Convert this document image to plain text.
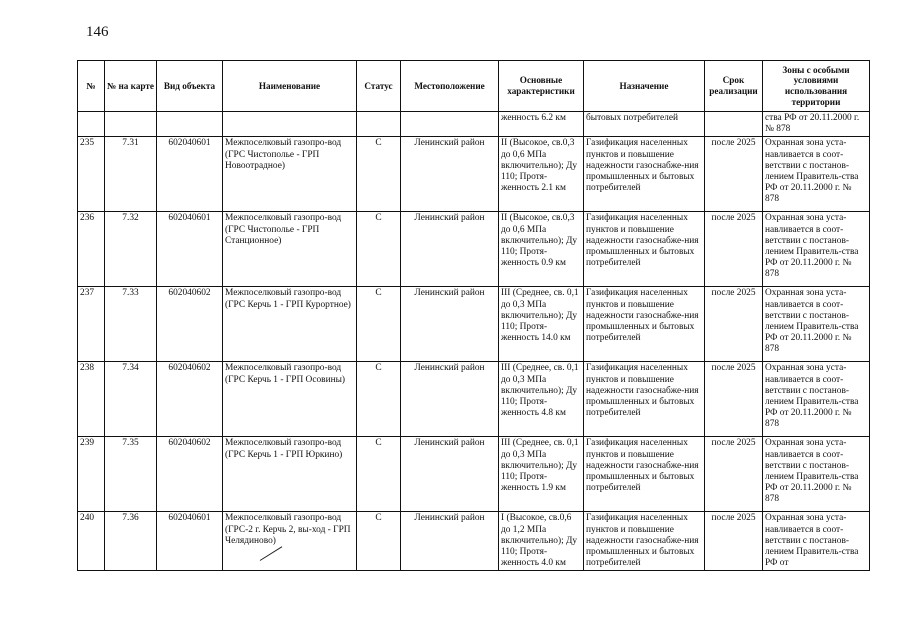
146
№	№ на карте	Вид объекта	Наименование	Статус	Местоположение	Основные характеристики	Назначение	Срок реализации	Зоны с особыми условиями использования территории
						женность 6.2 км	бытовых потребителей		ства РФ от 20.11.2000 г. № 878
235	7.31	602040601	Межпоселковый газопро-вод (ГРС Чистополье - ГРП Новоотрадное)	С	Ленинский район	II (Высокое, св.0,3 до 0,6 МПа включительно); Ду 110; Протя-женность 2.1 км	Газификация населенных пунктов и повышение надежности газоснабже-ния промышленных и бытовых потребителей	после 2025	Охранная зона уста-навливается в соот-ветствии с постанов-лением Правитель-ства РФ от 20.11.2000 г. № 878
236	7.32	602040601	Межпоселковый газопро-вод (ГРС Чистополье - ГРП Станционное)	С	Ленинский район	II (Высокое, св.0,3 до 0,6 МПа включительно); Ду 110; Протя-женность 0.9 км	Газификация населенных пунктов и повышение надежности газоснабже-ния промышленных и бытовых потребителей	после 2025	Охранная зона уста-навливается в соот-ветствии с постанов-лением Правитель-ства РФ от 20.11.2000 г. № 878
237	7.33	602040602	Межпоселковый газопро-вод (ГРС Керчь 1 - ГРП Курортное)	С	Ленинский район	III (Среднее, св. 0,1 до 0,3 МПа включительно); Ду 110; Протя-женность 14.0 км	Газификация населенных пунктов и повышение надежности газоснабже-ния промышленных и бытовых потребителей	после 2025	Охранная зона уста-навливается в соот-ветствии с постанов-лением Правитель-ства РФ от 20.11.2000 г. № 878
238	7.34	602040602	Межпоселковый газопро-вод (ГРС Керчь 1 - ГРП Осовины)	С	Ленинский район	III (Среднее, св. 0,1 до 0,3 МПа включительно); Ду 110; Протя-женность 4.8 км	Газификация населенных пунктов и повышение надежности газоснабже-ния промышленных и бытовых потребителей	после 2025	Охранная зона уста-навливается в соот-ветствии с постанов-лением Правитель-ства РФ от 20.11.2000 г. № 878
239	7.35	602040602	Межпоселковый газопро-вод (ГРС Керчь 1 - ГРП Юркино)	С	Ленинский район	III (Среднее, св. 0,1 до 0,3 МПа включительно); Ду 110; Протя-женность 1.9 км	Газификация населенных пунктов и повышение надежности газоснабже-ния промышленных и бытовых потребителей	после 2025	Охранная зона уста-навливается в соот-ветствии с постанов-лением Правитель-ства РФ от 20.11.2000 г. № 878
240	7.36	602040601	Межпоселковый газопро-вод (ГРС-2 г. Керчь 2, вы-ход - ГРП Челядиново)	С	Ленинский район	I (Высокое, св.0,6 до 1,2 МПа включительно); Ду 110; Протя-женность 4.0 км	Газификация населенных пунктов и повышение надежности газоснабже-ния промышленных и бытовых потребителей	после 2025	Охранная зона уста-навливается в соот-ветствии с постанов-лением Правитель-ства РФ от
